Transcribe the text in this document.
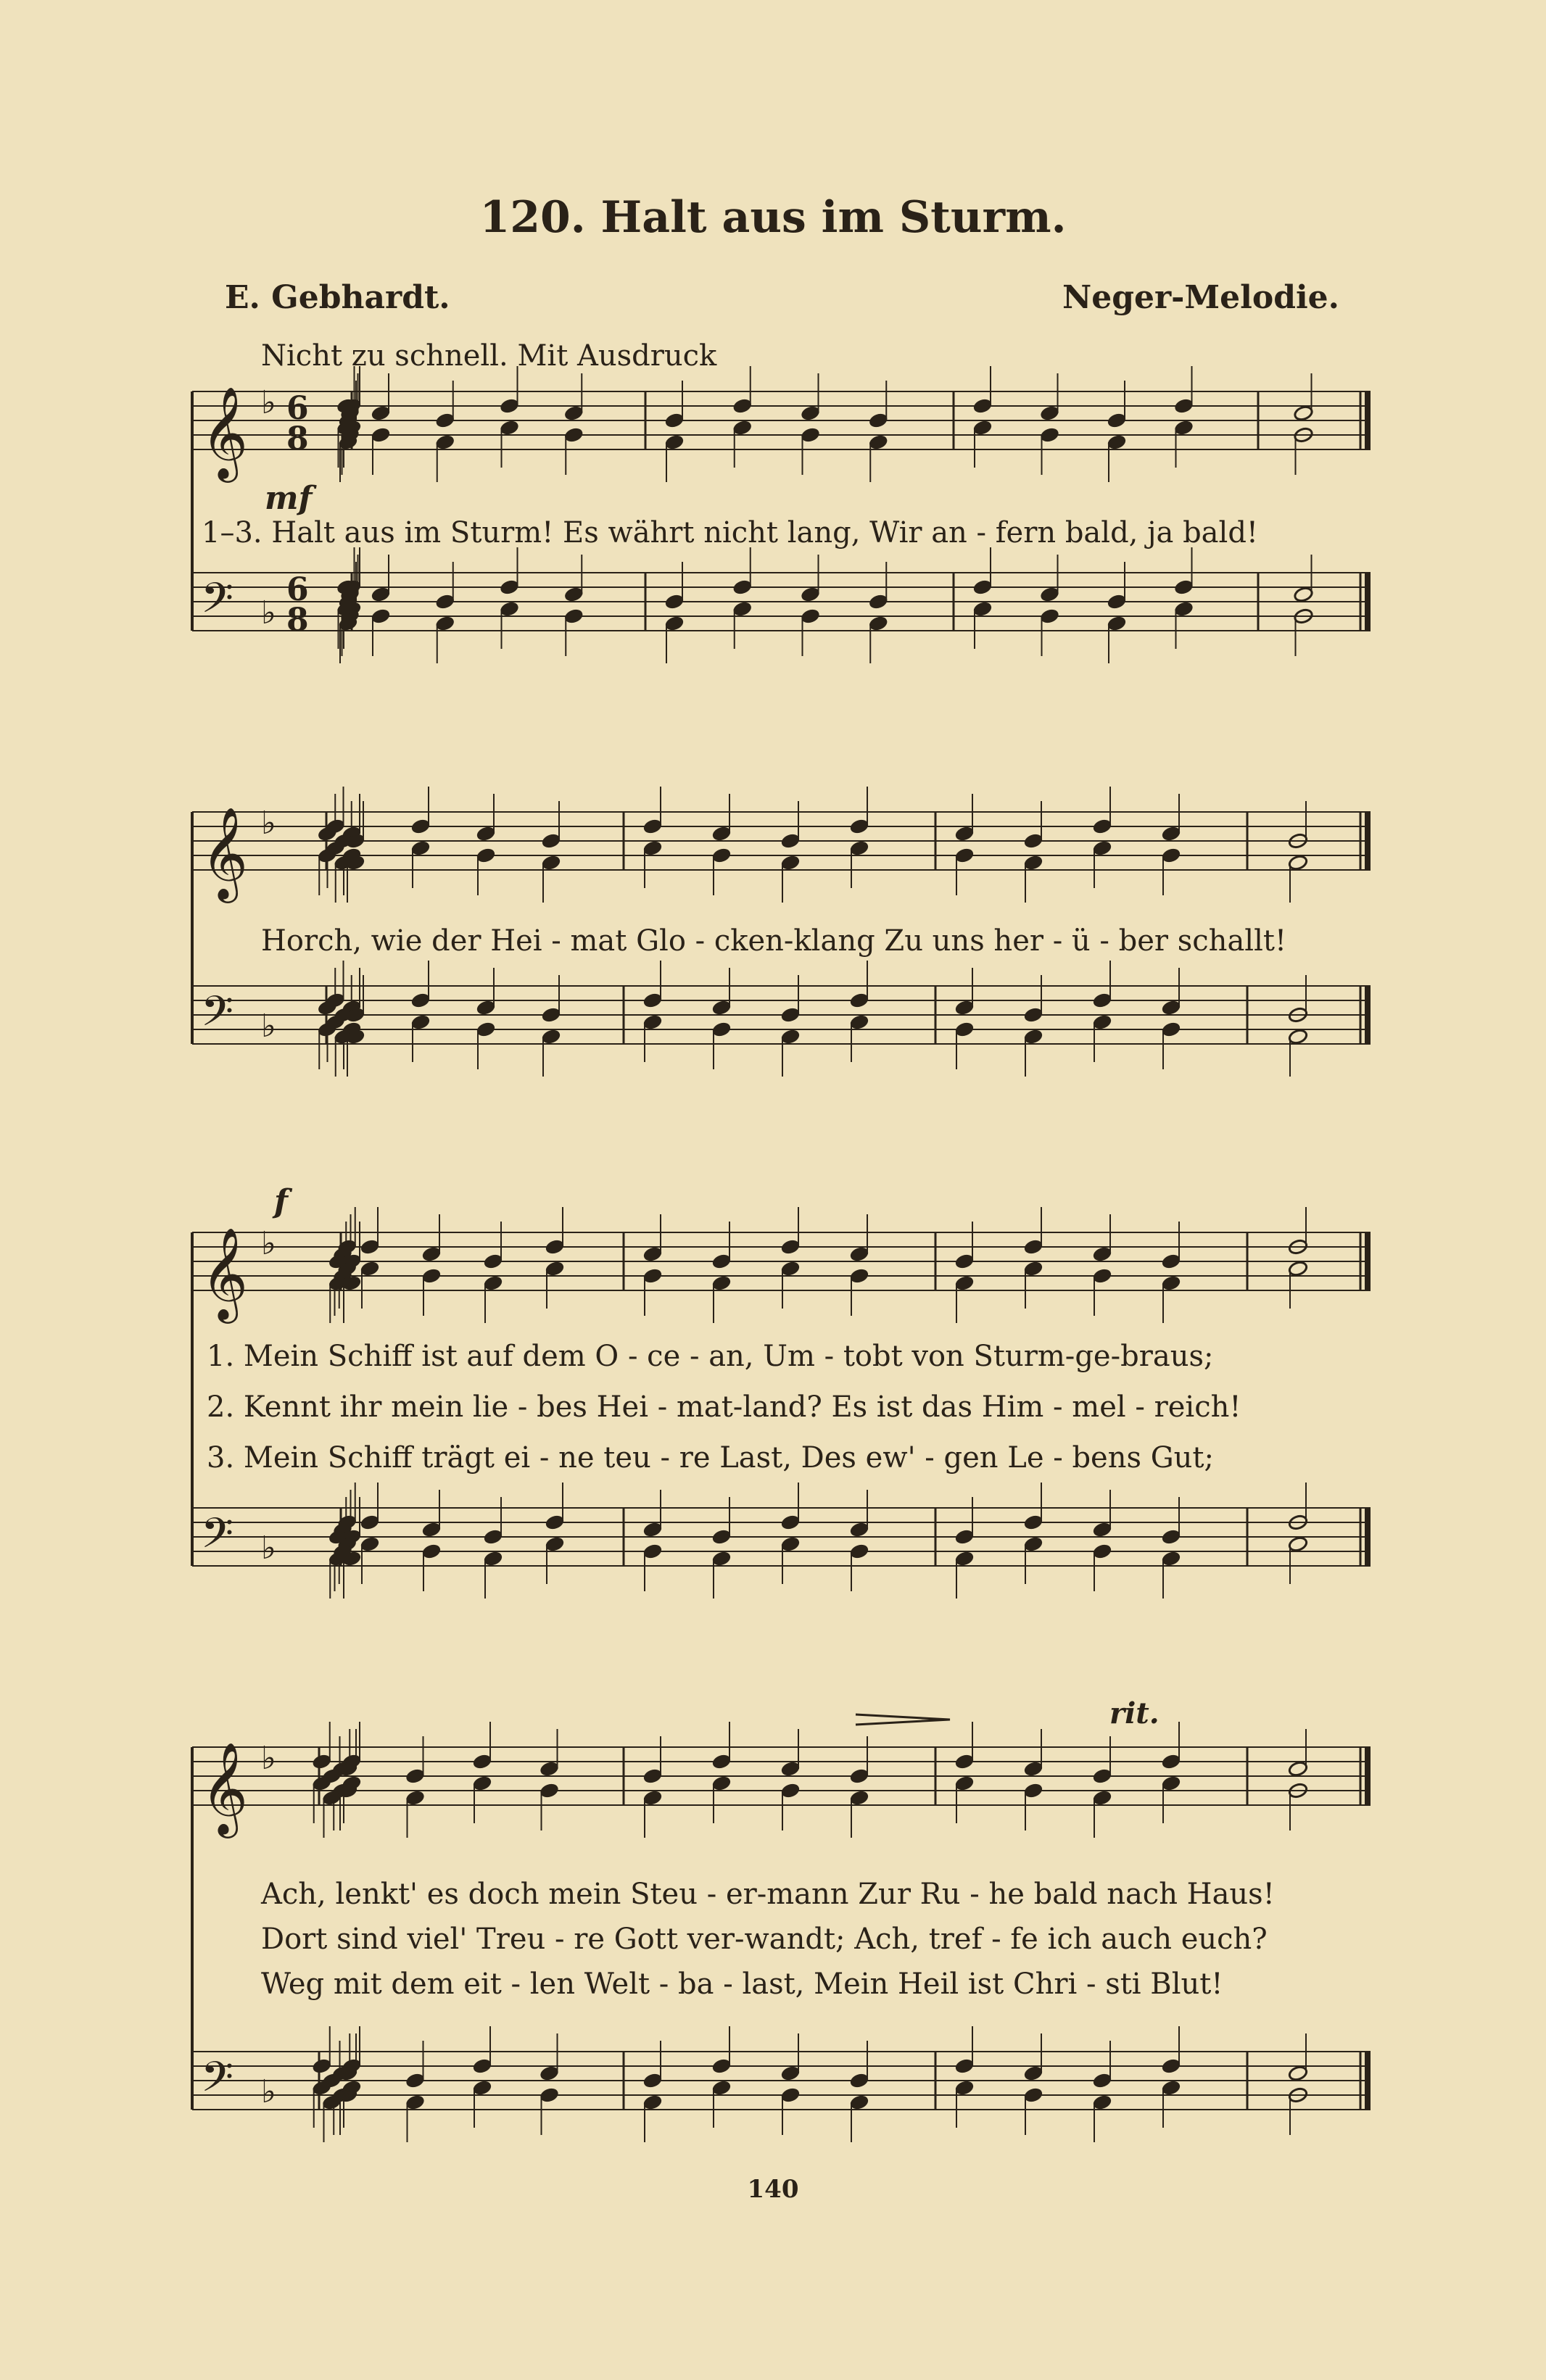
120. Halt aus im Sturm.
E. Gebhardt.	Neger-Melodie.
Nicht zu schnell. Mit Ausdruck
𝄞 ♭ 6
8
𝄢 ♭
6
8
𝄞 ♭
𝄢 ♭
𝄞 ♭
𝄢 ♭
𝄞 ♭
𝄢 ♭
mf
f
rit.
1–3. Halt aus im Sturm! Es währt nicht lang, Wir an - fern bald, ja bald!
Horch, wie der Hei - mat Glo - cken-klang Zu uns her - ü - ber schallt!
1. Mein Schiff ist auf dem O - ce - an, Um - tobt von Sturm-ge-braus;
2. Kennt ihr mein lie - bes Hei - mat-land? Es ist das Him - mel - reich!
3. Mein Schiff trägt ei - ne teu - re Last, Des ew' - gen Le - bens Gut;
Ach, lenkt' es doch mein Steu - er-mann Zur Ru - he bald nach Haus!
Dort sind viel' Treu - re Gott ver-wandt; Ach, tref - fe ich auch euch?
Weg mit dem eit - len Welt - ba - last, Mein Heil ist Chri - sti Blut!
140
